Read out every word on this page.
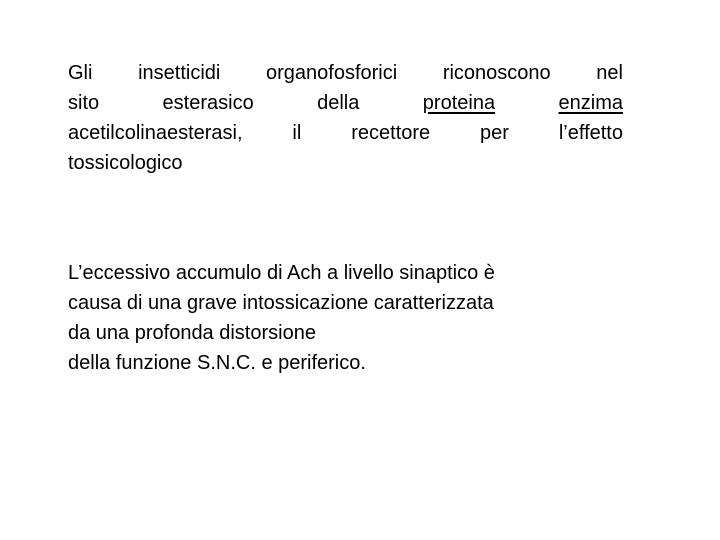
Gli insetticidi organofosforici riconoscono nel
sito esterasico della	proteina	enzima
acetilcolinaesterasi, il recettore per l’effetto
tossicologico
L’eccessivo accumulo di Ach a livello sinaptico è
causa di una grave intossicazione caratterizzata
da una profonda distorsione
della funzione S.N.C. e periferico.
